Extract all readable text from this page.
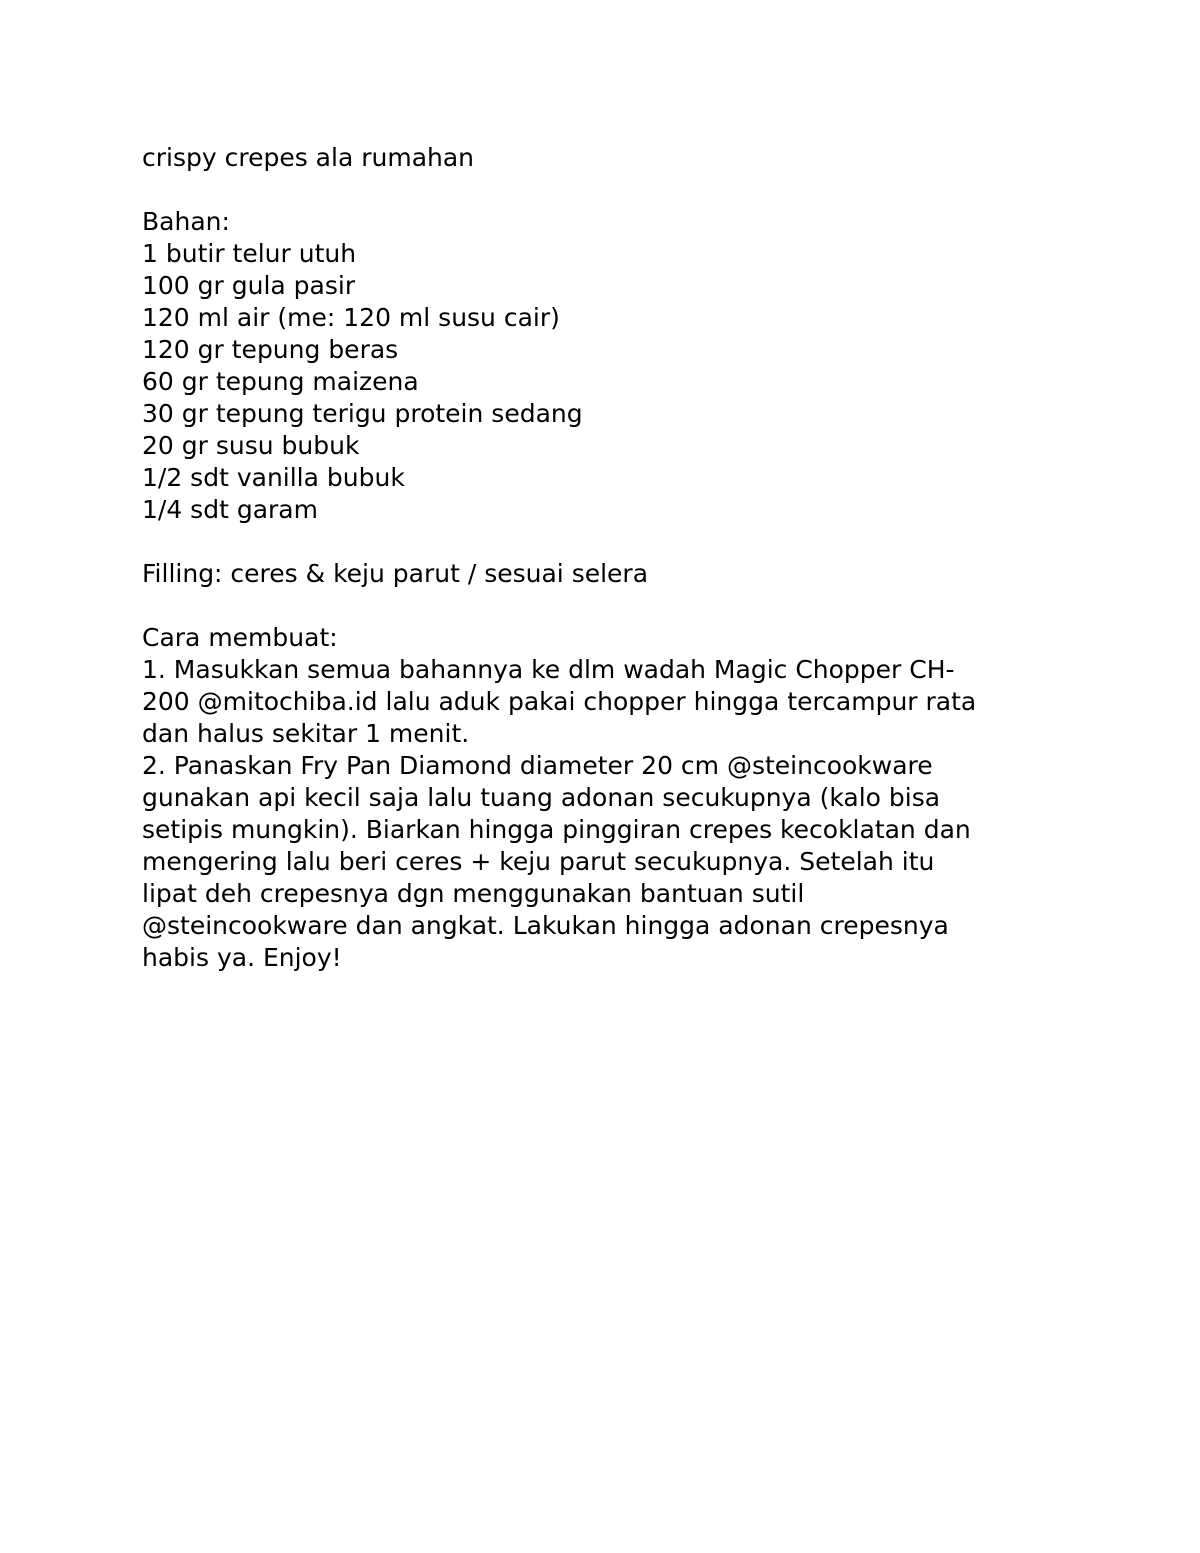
crispy crepes ala rumahan
Bahan:
1 butir telur utuh
100 gr gula pasir
120 ml air (me: 120 ml susu cair)
120 gr tepung beras
60 gr tepung maizena
30 gr tepung terigu protein sedang
20 gr susu bubuk
1/2 sdt vanilla bubuk
1/4 sdt garam
Filling: ceres & keju parut / sesuai selera
Cara membuat:
1. Masukkan semua bahannya ke dlm wadah Magic Chopper CH-
200 @mitochiba.id lalu aduk pakai chopper hingga tercampur rata
dan halus sekitar 1 menit.
2. Panaskan Fry Pan Diamond diameter 20 cm @steincookware
gunakan api kecil saja lalu tuang adonan secukupnya (kalo bisa
setipis mungkin). Biarkan hingga pinggiran crepes kecoklatan dan
mengering lalu beri ceres + keju parut secukupnya. Setelah itu
lipat deh crepesnya dgn menggunakan bantuan sutil
@steincookware dan angkat. Lakukan hingga adonan crepesnya
habis ya. Enjoy!
